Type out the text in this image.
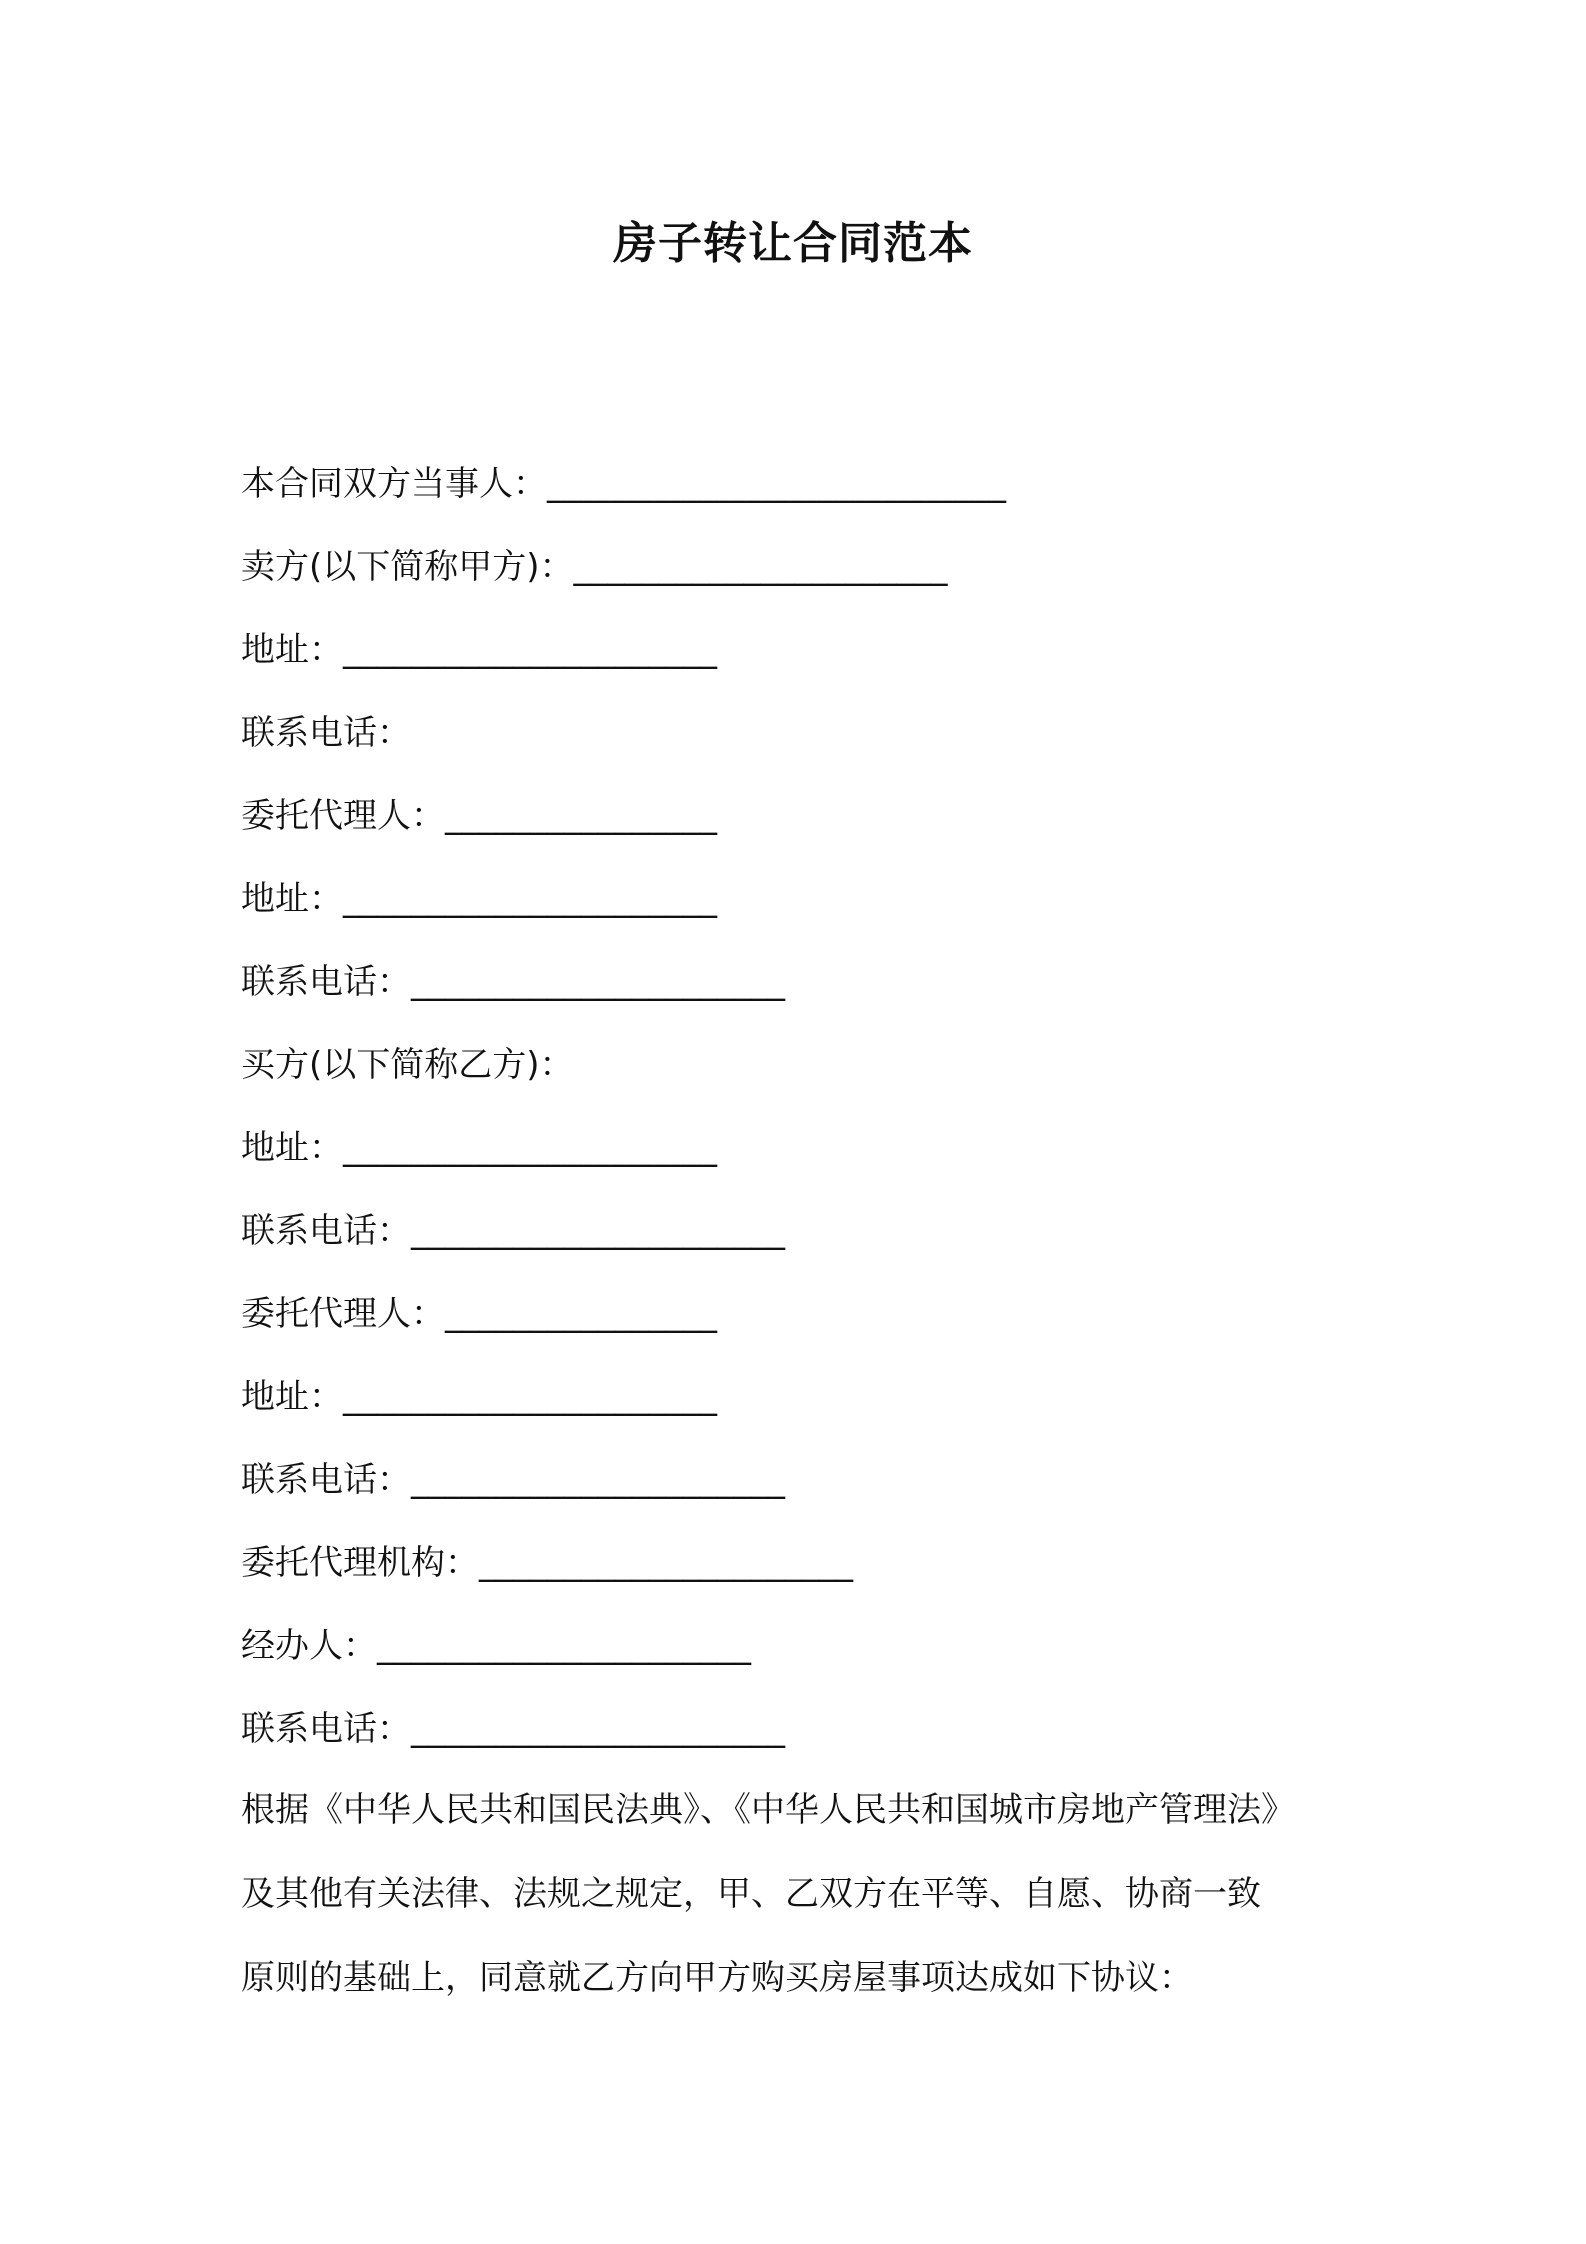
房子转让合同范本
本合同双方当事人：___________________________
卖方(以下简称甲方)：______________________
地址：______________________
联系电话：
委托代理人：________________
地址：______________________
联系电话：______________________
买方(以下简称乙方)：
地址：______________________
联系电话：______________________
委托代理人：________________
地址：______________________
联系电话：______________________
委托代理机构：______________________
经办人：______________________
联系电话：______________________
根据《中华人民共和国民法典》、《中华人民共和国城市房地产管理法》
及其他有关法律、法规之规定，甲、乙双方在平等、自愿、协商一致
原则的基础上，同意就乙方向甲方购买房屋事项达成如下协议：
